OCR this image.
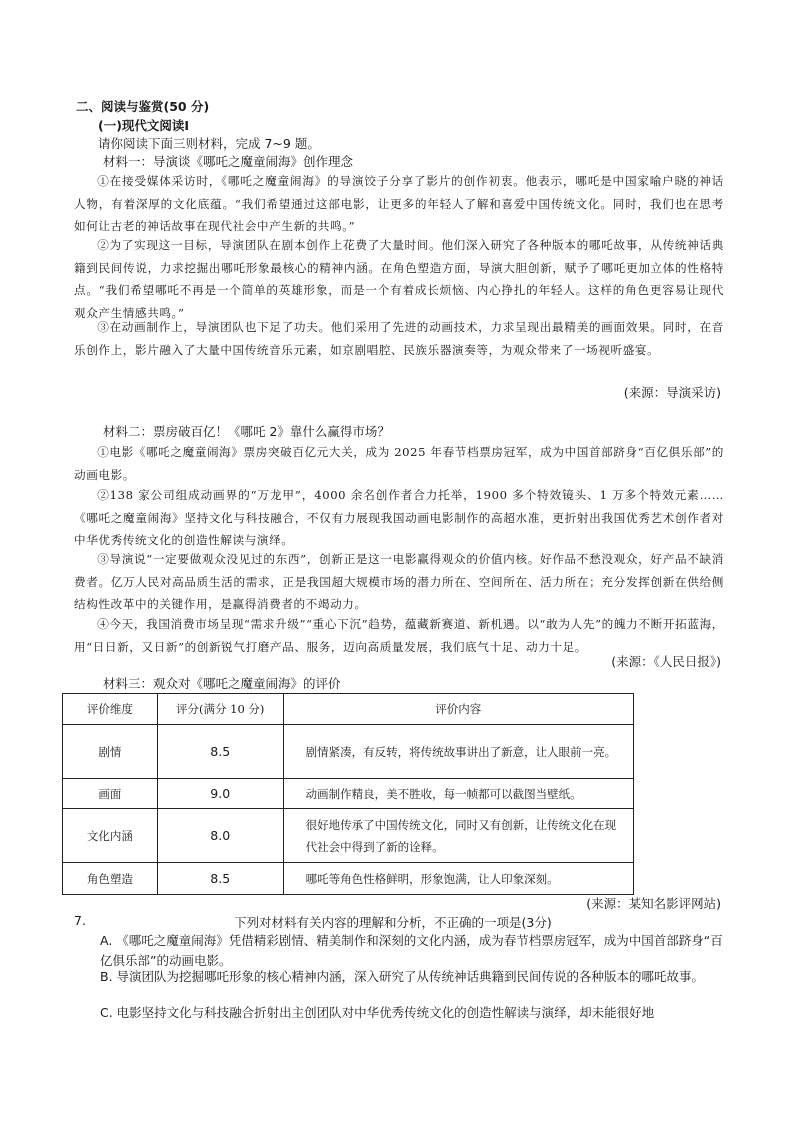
二、阅读与鉴赏(50 分)
(一)现代文阅读Ⅰ
请你阅读下面三则材料，完成 7~9 题。
材料一：导演谈《哪吒之魔童闹海》创作理念

①在接受媒体采访时，《哪吒之魔童闹海》的导演饺子分享了影片的创作初衷。他表示，哪吒是中国家喻户晓的神话人物，有着深厚的文化底蕴。“我们希望通过这部电影，让更多的年轻人了解和喜爱中国传统文化。同时，我们也在思考如何让古老的神话故事在现代社会中产生新的共鸣。”

②为了实现这一目标，导演团队在剧本创作上花费了大量时间。他们深入研究了各种版本的哪吒故事，从传统神话典籍到民间传说，力求挖掘出哪吒形象最核心的精神内涵。在角色塑造方面，导演大胆创新，赋予了哪吒更加立体的性格特点。“我们希望哪吒不再是一个简单的英雄形象，而是一个有着成长烦恼、内心挣扎的年轻人。这样的角色更容易让现代观众产生情感共鸣。”

③在动画制作上，导演团队也下足了功夫。他们采用了先进的动画技术，力求呈现出最精美的画面效果。同时，在音乐创作上，影片融入了大量中国传统音乐元素，如京剧唱腔、民族乐器演奏等，为观众带来了一场视听盛宴。

(来源：导演采访)
材料二：票房破百亿！《哪吒 2》靠什么赢得市场？

①电影《哪吒之魔童闹海》票房突破百亿元大关，成为 2025 年春节档票房冠军，成为中国首部跻身“百亿俱乐部”的动画电影。

②138 家公司组成动画界的“万龙甲”，4000 余名创作者合力托举，1900 多个特效镜头、1 万多个特效元素……《哪吒之魔童闹海》坚持文化与科技融合，不仅有力展现我国动画电影制作的高超水准，更折射出我国优秀艺术创作者对中华优秀传统文化的创造性解读与演绎。

③导演说“一定要做观众没见过的东西”，创新正是这一电影赢得观众的价值内核。好作品不愁没观众，好产品不缺消费者。亿万人民对高品质生活的需求，正是我国超大规模市场的潜力所在、空间所在、活力所在；充分发挥创新在供给侧结构性改革中的关键作用，是赢得消费者的不竭动力。

④今天，我国消费市场呈现“需求升级”“重心下沉”趋势，蕴藏新赛道、新机遇。以“敢为人先”的魄力不断开拓蓝海，用“日日新，又日新”的创新锐气打磨产品、服务，迈向高质量发展，我们底气十足、动力十足。

(来源：《人民日报》)
材料三：观众对《哪吒之魔童闹海》的评价
评价维度	评分(满分 10 分)	评价内容
剧情	8.5	剧情紧凑，有反转，将传统故事讲出了新意，让人眼前一亮。
画面	9.0	动画制作精良，美不胜收，每一帧都可以截图当壁纸。
文化内涵	8.0	很好地传承了中国传统文化，同时又有创新，让传统文化在现代社会中得到了新的诠释。
角色塑造	8.5	哪吒等角色性格鲜明，形象饱满，让人印象深刻。
(来源：某知名影评网站)
7.	下列对材料有关内容的理解和分析，不正确的一项是(3分)
A. 《哪吒之魔童闹海》凭借精彩剧情、精美制作和深刻的文化内涵，成为春节档票房冠军，成为中国首部跻身“百亿俱乐部”的动画电影。
B. 导演团队为挖掘哪吒形象的核心精神内涵，深入研究了从传统神话典籍到民间传说的各种版本的哪吒故事。
C. 电影坚持文化与科技融合折射出主创团队对中华优秀传统文化的创造性解读与演绎，却未能很好地
